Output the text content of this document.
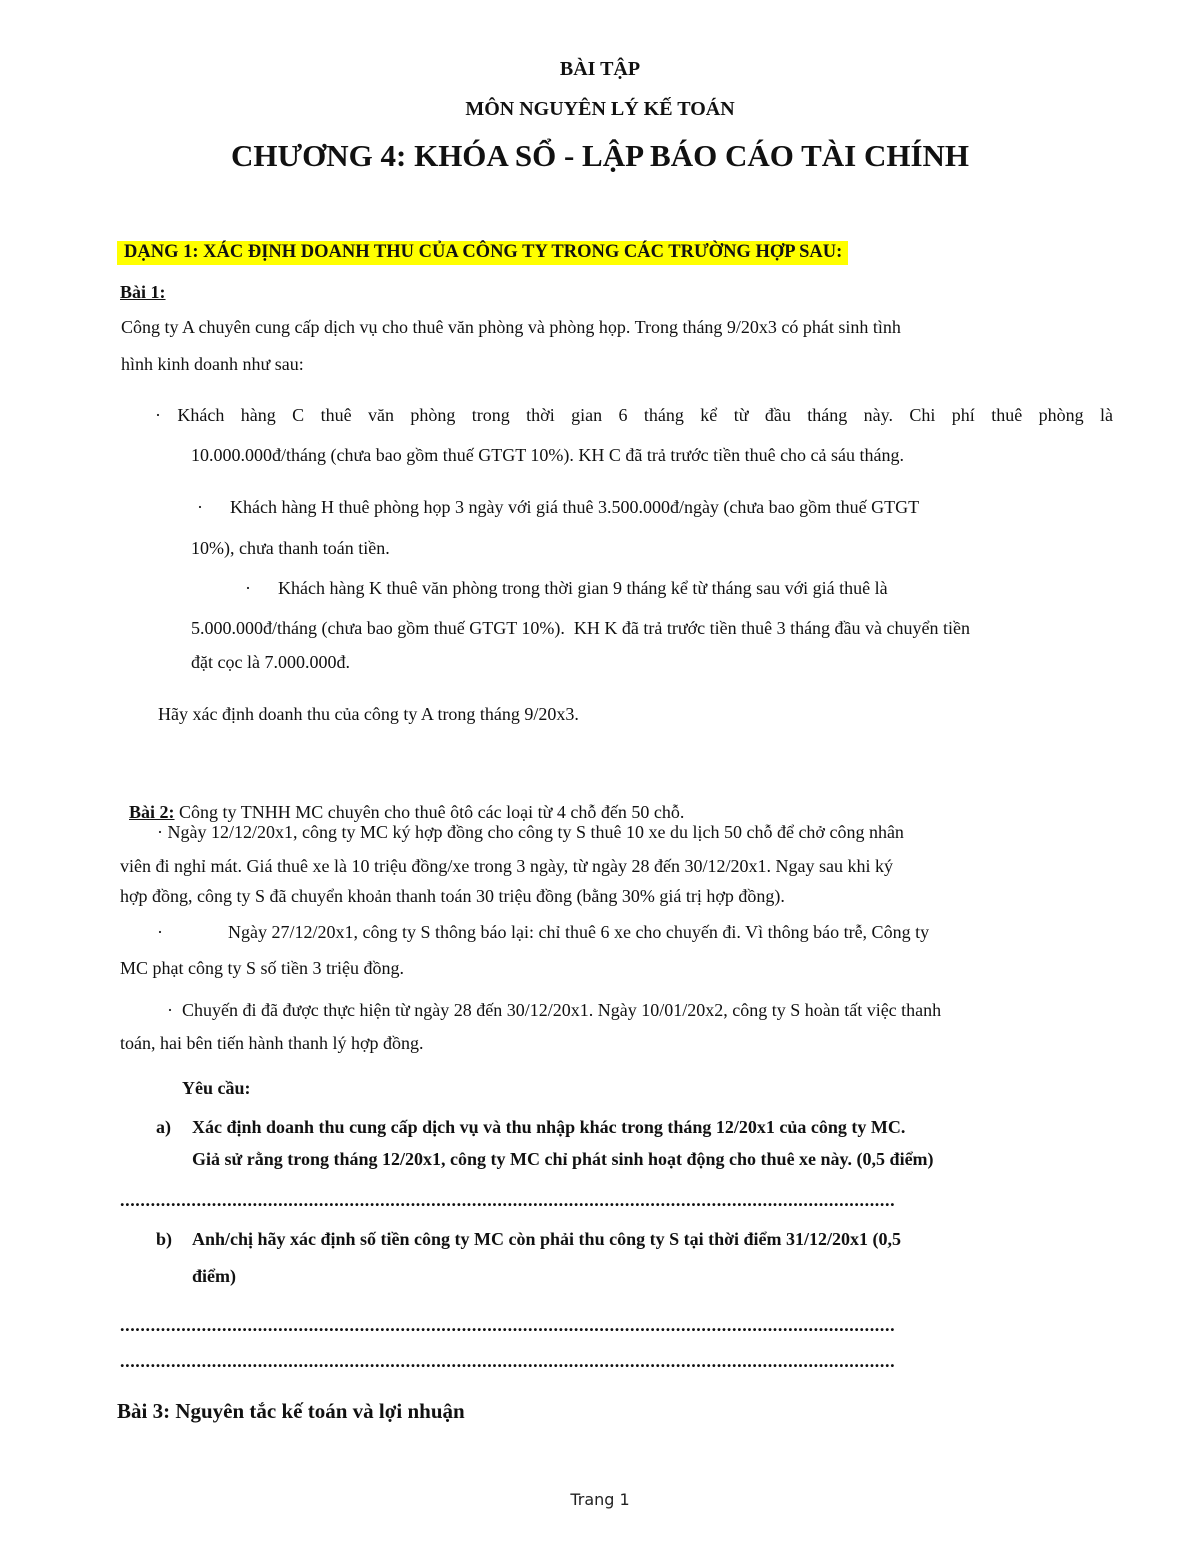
BÀI TẬP
MÔN NGUYÊN LÝ KẾ TOÁN
CHƯƠNG 4: KHÓA SỔ - LẬP BÁO CÁO TÀI CHÍNH
DẠNG 1: XÁC ĐỊNH DOANH THU CỦA CÔNG TY TRONG CÁC TRƯỜNG HỢP SAU:
Bài 1:
Công ty A chuyên cung cấp dịch vụ cho thuê văn phòng và phòng họp. Trong tháng 9/20x3 có phát sinh tình
hình kinh doanh như sau:
· Khách hàng C thuê văn phòng trong thời gian 6 tháng kể từ đầu tháng này. Chi phí thuê phòng là
10.000.000đ/tháng (chưa bao gồm thuế GTGT 10%). KH C đã trả trước tiền thuê cho cả sáu tháng.
·      Khách hàng H thuê phòng họp 3 ngày với giá thuê 3.500.000đ/ngày (chưa bao gồm thuế GTGT
10%), chưa thanh toán tiền.
·      Khách hàng K thuê văn phòng trong thời gian 9 tháng kể từ tháng sau với giá thuê là
5.000.000đ/tháng (chưa bao gồm thuế GTGT 10%).  KH K đã trả trước tiền thuê 3 tháng đầu và chuyển tiền
đặt cọc là 7.000.000đ.
Hãy xác định doanh thu của công ty A trong tháng 9/20x3.

Bài 2: Công ty TNHH MC chuyên cho thuê ôtô các loại từ 4 chỗ đến 50 chỗ.

· Ngày 12/12/20x1, công ty MC ký hợp đồng cho công ty S thuê 10 xe du lịch 50 chỗ để chở công nhân
viên đi nghỉ mát. Giá thuê xe là 10 triệu đồng/xe trong 3 ngày, từ ngày 28 đến 30/12/20x1. Ngay sau khi ký
hợp đồng, công ty S đã chuyển khoản thanh toán 30 triệu đồng (bằng 30% giá trị hợp đồng).
·	Ngày 27/12/20x1, công ty S thông báo lại: chỉ thuê 6 xe cho chuyến đi. Vì thông báo trễ, Công ty
MC phạt công ty S số tiền 3 triệu đồng.
·  Chuyến đi đã được thực hiện từ ngày 28 đến 30/12/20x1. Ngày 10/01/20x2, công ty S hoàn tất việc thanh
toán, hai bên tiến hành thanh lý hợp đồng.
Yêu cầu:
a) Xác định doanh thu cung cấp dịch vụ và thu nhập khác trong tháng 12/20x1 của công ty MC.
Giả sử rằng trong tháng 12/20x1, công ty MC chỉ phát sinh hoạt động cho thuê xe này. (0,5 điểm)
........................................................................................................................................................
b) Anh/chị hãy xác định số tiền công ty MC còn phải thu công ty S tại thời điểm 31/12/20x1 (0,5
điểm)
........................................................................................................................................................
........................................................................................................................................................
Bài 3: Nguyên tắc kế toán và lợi nhuận
Trang 1
